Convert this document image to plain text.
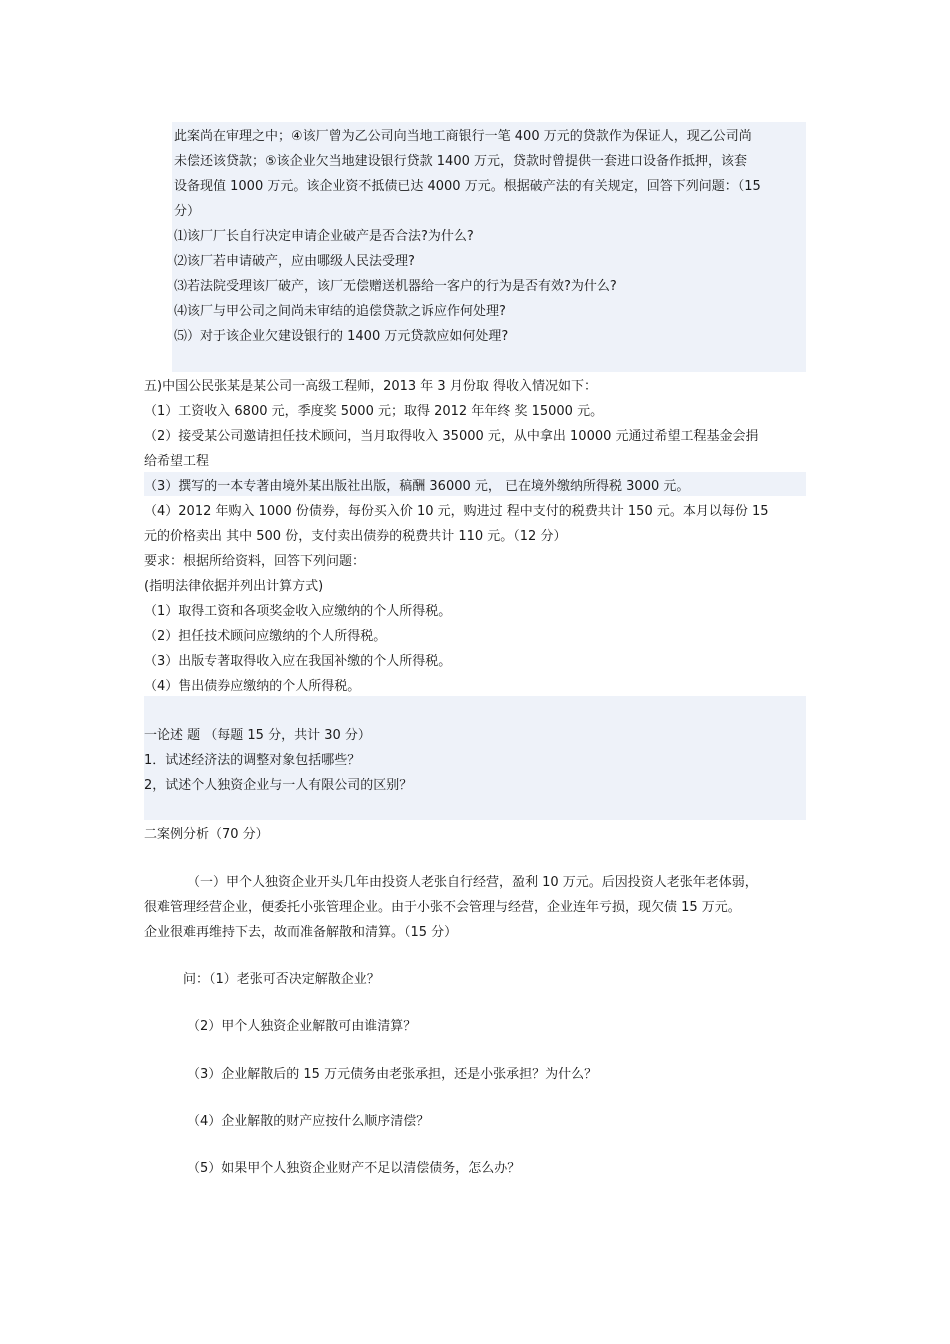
此案尚在审理之中；④该厂曾为乙公司向当地工商银行一笔 400 万元的贷款作为保证人，现乙公司尚
未偿还该贷款；⑤该企业欠当地建设银行贷款 1400 万元，贷款时曾提供一套进口设备作抵押，该套
设备现值 1000 万元。该企业资不抵债已达 4000 万元。根据破产法的有关规定，回答下列问题：（15
分）
⑴该厂厂长自行决定申请企业破产是否合法?为什么?
⑵该厂若申请破产，应由哪级人民法受理?
⑶若法院受理该厂破产，该厂无偿赠送机器给一客户的行为是否有效?为什么?
⑷该厂与甲公司之间尚未审结的追偿贷款之诉应作何处理?
⑸）对于该企业欠建设银行的 1400 万元贷款应如何处理?
五)中国公民张某是某公司一高级工程师，2013 年 3 月份取 得收入情况如下：
（1）工资收入 6800 元，季度奖 5000 元；取得 2012 年年终 奖 15000 元。
（2）接受某公司邀请担任技术顾问，当月取得收入 35000 元，从中拿出 10000 元通过希望工程基金会捐
给希望工程
（3）撰写的一本专著由境外某出版社出版，稿酬 36000 元， 已在境外缴纳所得税 3000 元。
（4）2012 年购入 1000 份债券，每份买入价 10 元，购进过 程中支付的税费共计 150 元。本月以每份 15
元的价格卖出 其中 500 份，支付卖出债券的税费共计 110 元。（12 分）
要求：根据所给资料，回答下列问题：
(指明法律依据并列出计算方式)
（1）取得工资和各项奖金收入应缴纳的个人所得税。
（2）担任技术顾问应缴纳的个人所得税。
（3）出版专著取得收入应在我国补缴的个人所得税。
（4）售出债券应缴纳的个人所得税。
一论述 题 （每题 15 分，共计 30 分）
1．试述经济法的调整对象包括哪些？
2，试述个人独资企业与一人有限公司的区别？
二案例分析（70 分）
（一）甲个人独资企业开头几年由投资人老张自行经营，盈利 10 万元。后因投资人老张年老体弱，
很难管理经营企业，便委托小张管理企业。由于小张不会管理与经营，企业连年亏损，现欠债 15 万元。
企业很难再维持下去，故而准备解散和清算。（15 分）
问：（1）老张可否决定解散企业？
（2）甲个人独资企业解散可由谁清算？
（3）企业解散后的 15 万元债务由老张承担，还是小张承担？为什么？
（4）企业解散的财产应按什么顺序清偿？
（5）如果甲个人独资企业财产不足以清偿债务，怎么办？
